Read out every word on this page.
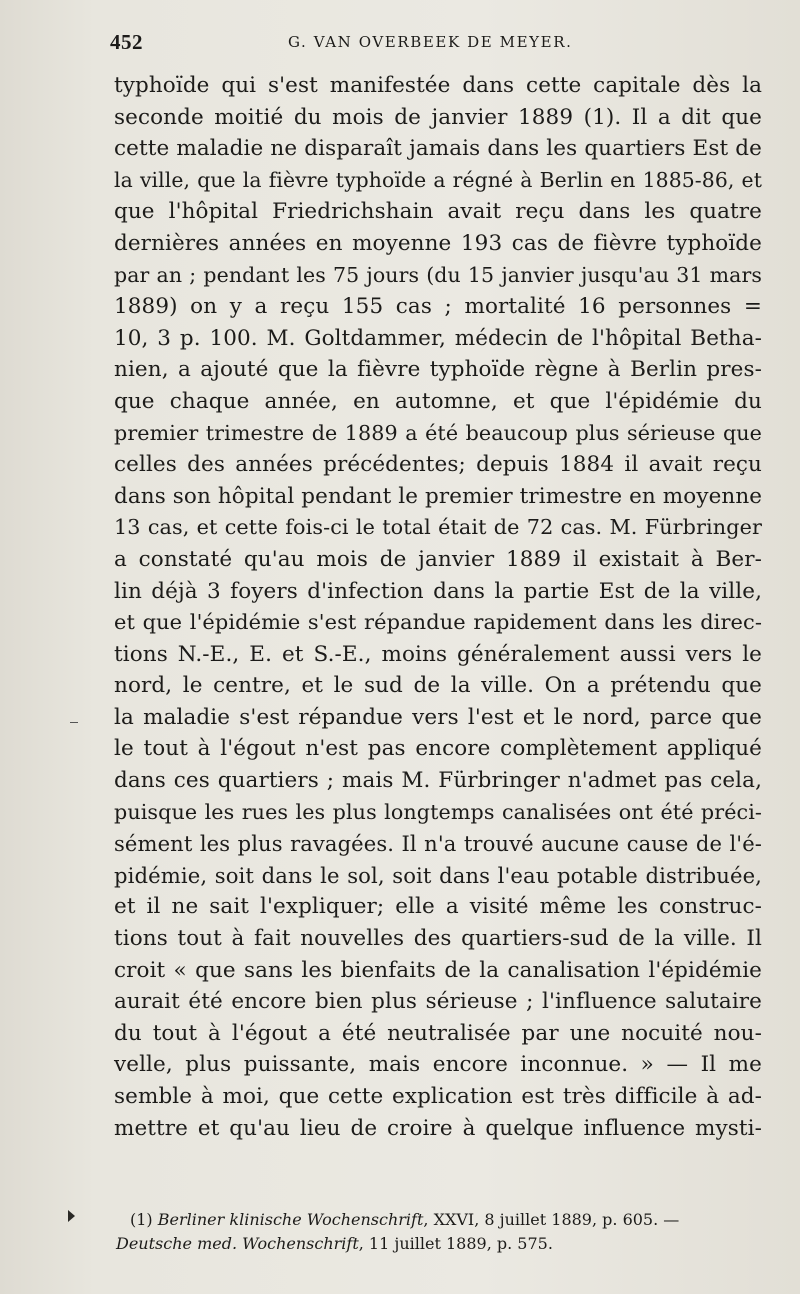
452	G. VAN OVERBEEK DE MEYER.
typhoïde qui s'est manifestée dans cette capitale dès la
seconde moitié du mois de janvier 1889 (1). Il a dit que
cette maladie ne disparaît jamais dans les quartiers Est de
la ville, que la fièvre typhoïde a régné à Berlin en 1885-86, et
que l'hôpital Friedrichshain avait reçu dans les quatre
dernières années en moyenne 193 cas de fièvre typhoïde
par an ; pendant les 75 jours (du 15 janvier jusqu'au 31 mars
1889) on y a reçu 155 cas ; mortalité 16 personnes =
10, 3 p. 100. M. Goltdammer, médecin de l'hôpital Betha-
nien, a ajouté que la fièvre typhoïde règne à Berlin pres-
que chaque année, en automne, et que l'épidémie du
premier trimestre de 1889 a été beaucoup plus sérieuse que
celles des années précédentes; depuis 1884 il avait reçu
dans son hôpital pendant le premier trimestre en moyenne
13 cas, et cette fois-ci le total était de 72 cas. M. Fürbringer
a constaté qu'au mois de janvier 1889 il existait à Ber-
lin déjà 3 foyers d'infection dans la partie Est de la ville,
et que l'épidémie s'est répandue rapidement dans les direc-
tions N.-E., E. et S.-E., moins généralement aussi vers le
nord, le centre, et le sud de la ville. On a prétendu que
la maladie s'est répandue vers l'est et le nord, parce que
le tout à l'égout n'est pas encore complètement appliqué
dans ces quartiers ; mais M. Fürbringer n'admet pas cela,
puisque les rues les plus longtemps canalisées ont été préci-
sément les plus ravagées. Il n'a trouvé aucune cause de l'é-
pidémie, soit dans le sol, soit dans l'eau potable distribuée,
et il ne sait l'expliquer; elle a visité même les construc-
tions tout à fait nouvelles des quartiers-sud de la ville. Il
croit « que sans les bienfaits de la canalisation l'épidémie
aurait été encore bien plus sérieuse ; l'influence salutaire
du tout à l'égout a été neutralisée par une nocuité nou-
velle, plus puissante, mais encore inconnue. » — Il me
semble à moi, que cette explication est très difficile à ad-
mettre et qu'au lieu de croire à quelque influence mysti-
(1) Berliner klinische Wochenschrift, XXVI, 8 juillet 1889, p. 605. —
Deutsche med. Wochenschrift, 11 juillet 1889, p. 575.
